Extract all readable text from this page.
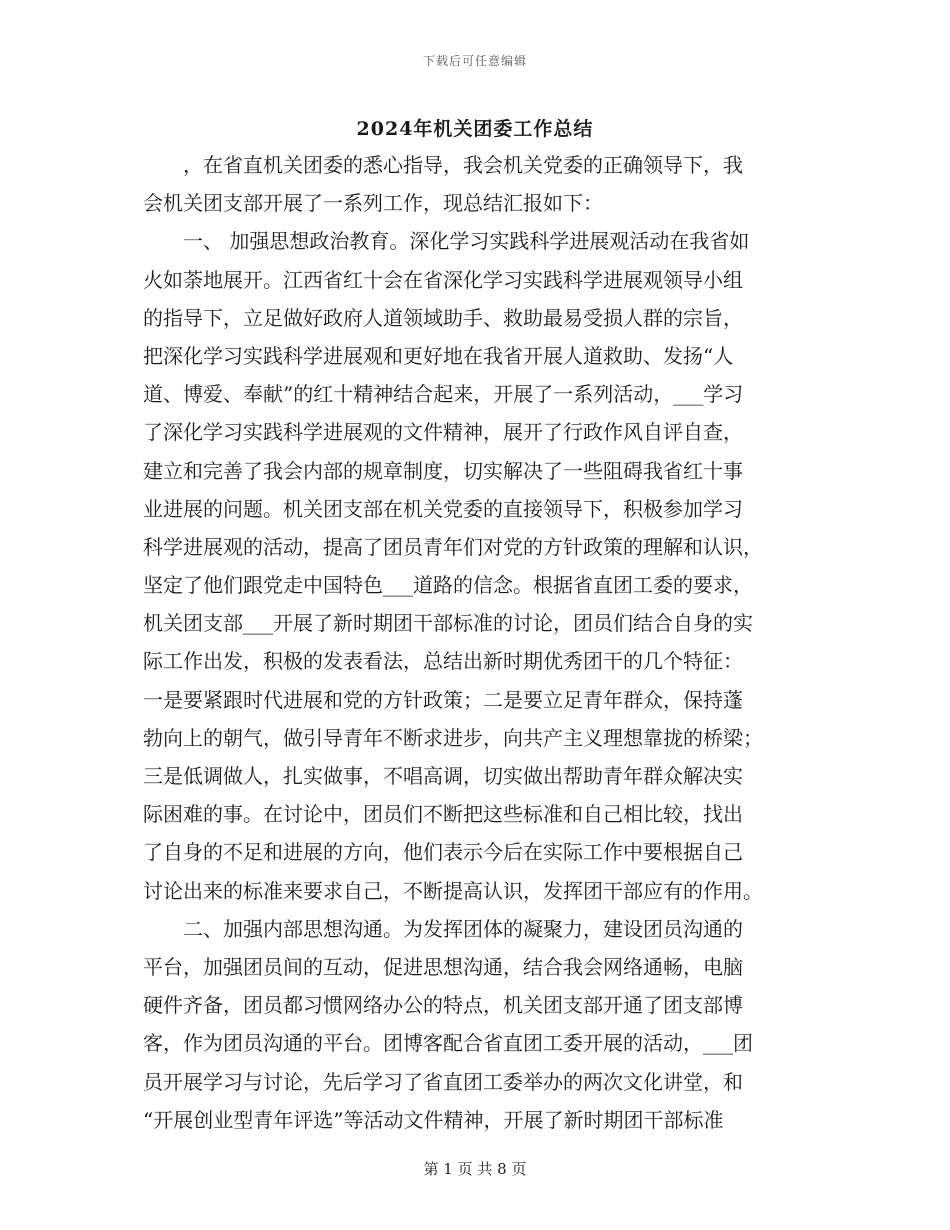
下载后可任意编辑
2024年机关团委工作总结
，在省直机关团委的悉心指导，我会机关党委的正确领导下，我
会机关团支部开展了一系列工作，现总结汇报如下：
一、 加强思想政治教育。深化学习实践科学进展观活动在我省如
火如荼地展开。江西省红十会在省深化学习实践科学进展观领导小组
的指导下，立足做好政府人道领域助手、救助最易受损人群的宗旨，
把深化学习实践科学进展观和更好地在我省开展人道救助、发扬“人
道、博爱、奉献”的红十精神结合起来，开展了一系列活动，___学习
了深化学习实践科学进展观的文件精神，展开了行政作风自评自查，
建立和完善了我会内部的规章制度，切实解决了一些阻碍我省红十事
业进展的问题。机关团支部在机关党委的直接领导下，积极参加学习
科学进展观的活动，提高了团员青年们对党的方针政策的理解和认识，
坚定了他们跟党走中国特色___道路的信念。根据省直团工委的要求，
机关团支部___开展了新时期团干部标准的讨论，团员们结合自身的实
际工作出发，积极的发表看法，总结出新时期优秀团干的几个特征：
一是要紧跟时代进展和党的方针政策；二是要立足青年群众，保持蓬
勃向上的朝气，做引导青年不断求进步，向共产主义理想靠拢的桥梁；
三是低调做人，扎实做事，不唱高调，切实做出帮助青年群众解决实
际困难的事。在讨论中，团员们不断把这些标准和自己相比较，找出
了自身的不足和进展的方向，他们表示今后在实际工作中要根据自己
讨论出来的标准来要求自己，不断提高认识，发挥团干部应有的作用。
二、加强内部思想沟通。为发挥团体的凝聚力，建设团员沟通的
平台，加强团员间的互动，促进思想沟通，结合我会网络通畅，电脑
硬件齐备，团员都习惯网络办公的特点，机关团支部开通了团支部博
客，作为团员沟通的平台。团博客配合省直团工委开展的活动，___团
员开展学习与讨论，先后学习了省直团工委举办的两次文化讲堂，和
“开展创业型青年评选”等活动文件精神，开展了新时期团干部标准
第 1 页 共 8 页
